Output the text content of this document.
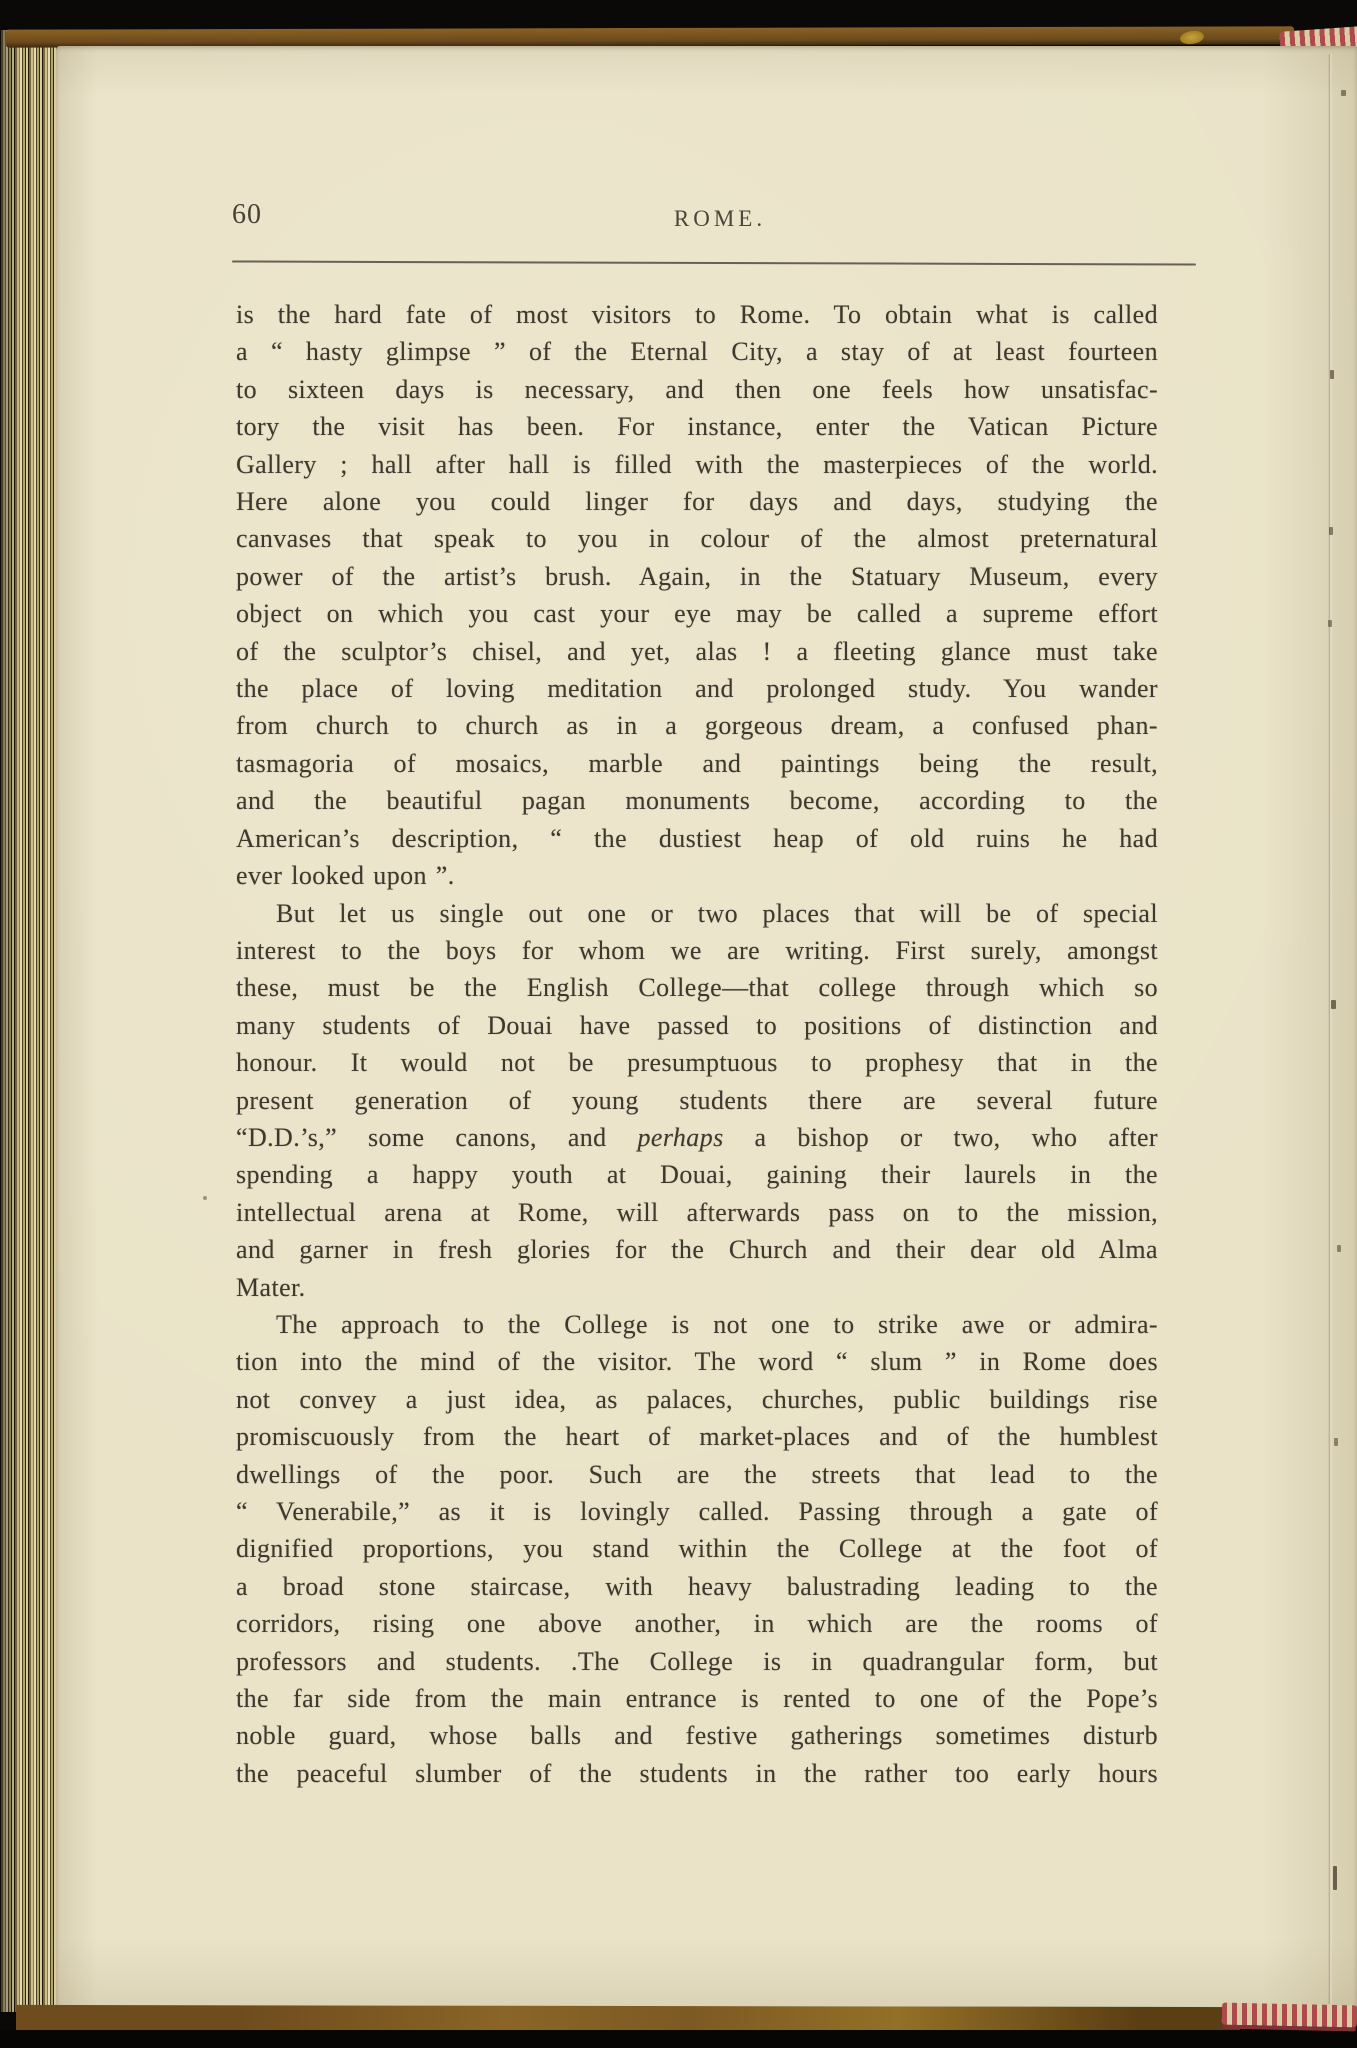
60	ROME.
is the hard fate of most visitors to Rome. To obtain what is called
a “ hasty glimpse ” of the Eternal City, a stay of at least fourteen
to sixteen days is necessary, and then one feels how unsatisfac-
tory the visit has been. For instance, enter the Vatican Picture
Gallery ; hall after hall is filled with the masterpieces of the world.
Here alone you could linger for days and days, studying the
canvases that speak to you in colour of the almost preternatural
power of the artist’s brush. Again, in the Statuary Museum, every
object on which you cast your eye may be called a supreme effort
of the sculptor’s chisel, and yet, alas ! a fleeting glance must take
the place of loving meditation and prolonged study. You wander
from church to church as in a gorgeous dream, a confused phan-
tasmagoria of mosaics, marble and paintings being the result,
and the beautiful pagan monuments become, according to the
American’s description, “ the dustiest heap of old ruins he had
ever looked upon ”.
But let us single out one or two places that will be of special
interest to the boys for whom we are writing. First surely, amongst
these, must be the English College—that college through which so
many students of Douai have passed to positions of distinction and
honour. It would not be presumptuous to prophesy that in the
present generation of young students there are several future
“D.D.’s,” some canons, and perhaps a bishop or two, who after
spending a happy youth at Douai, gaining their laurels in the
intellectual arena at Rome, will afterwards pass on to the mission,
and garner in fresh glories for the Church and their dear old Alma
Mater.
The approach to the College is not one to strike awe or admira-
tion into the mind of the visitor. The word “ slum ” in Rome does
not convey a just idea, as palaces, churches, public buildings rise
promiscuously from the heart of market-places and of the humblest
dwellings of the poor. Such are the streets that lead to the
“ Venerabile,” as it is lovingly called. Passing through a gate of
dignified proportions, you stand within the College at the foot of
a broad stone staircase, with heavy balustrading leading to the
corridors, rising one above another, in which are the rooms of
professors and students. .The College is in quadrangular form, but
the far side from the main entrance is rented to one of the Pope’s
noble guard, whose balls and festive gatherings sometimes disturb
the peaceful slumber of the students in the rather too early hours
